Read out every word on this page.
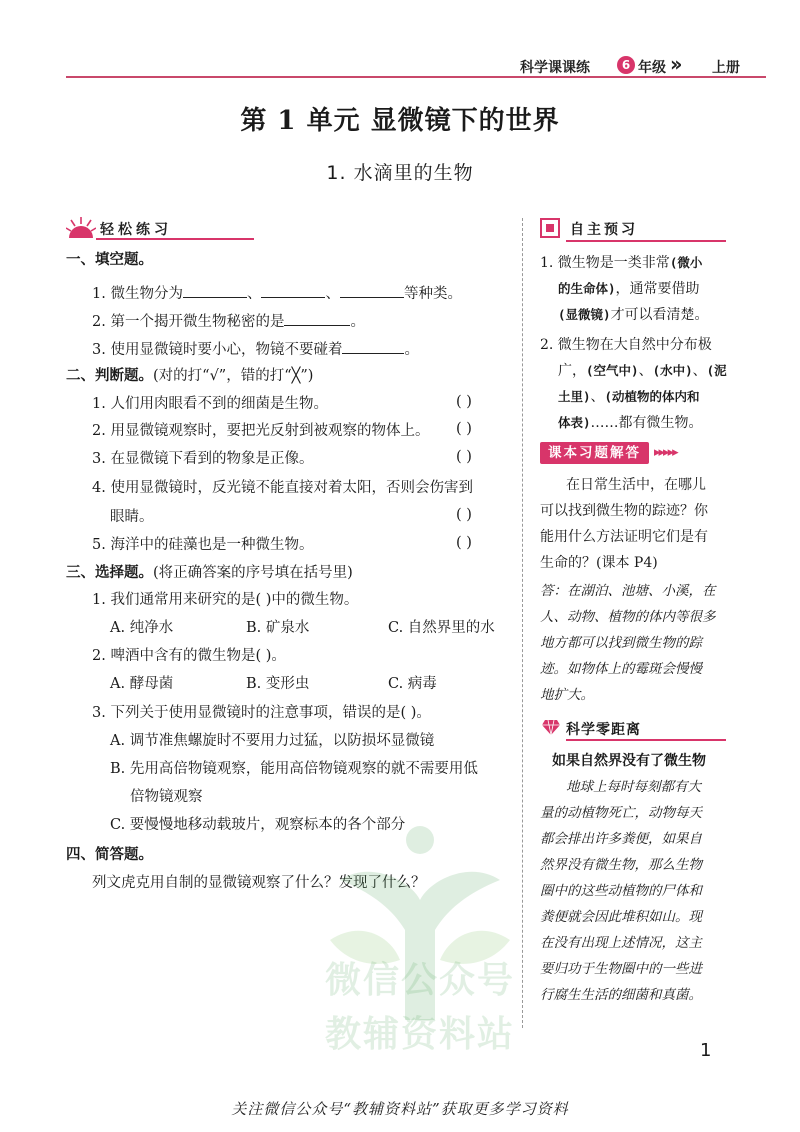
科学课课练	6 年级 ›› 上册
第 1 单元 显微镜下的世界
1. 水滴里的生物
轻松练习
一、填空题。
1. 微生物分为	、	、	等种类。
2. 第一个揭开微生物秘密的是	。
3. 使用显微镜时要小心，物镜不要碰着	。
二、判断题。(对的打“√”，错的打“╳”)
1. 人们用肉眼看不到的细菌是生物。	( )
2. 用显微镜观察时，要把光反射到被观察的物体上。 ( )
3. 在显微镜下看到的物象是正像。	( )
4. 使用显微镜时，反光镜不能直接对着太阳，否则会伤害到
眼睛。	( )
5. 海洋中的硅藻也是一种微生物。	( )
三、选择题。(将正确答案的序号填在括号里)
1. 我们通常用来研究的是( )中的微生物。
A. 纯净水	B. 矿泉水	C. 自然界里的水
2. 啤酒中含有的微生物是( )。
A. 酵母菌	B. 变形虫	C. 病毒
3. 下列关于使用显微镜时的注意事项，错误的是( )。
A. 调节准焦螺旋时不要用力过猛，以防损坏显微镜
B. 先用高倍物镜观察，能用高倍物镜观察的就不需要用低
倍物镜观察
C. 要慢慢地移动载玻片，观察标本的各个部分
四、简答题。
列文虎克用自制的显微镜观察了什么？发现了什么？
微信公众号
教辅资料站
自主预习
1. 微生物是一类非常(微小
的生命体)，通常要借助
(显微镜)才可以看清楚。
2. 微生物在大自然中分布极
广，(空气中)、(水中)、(泥
土里)、(动植物的体内和
体表)……都有微生物。
课本习题解答	▸▸▸▸▸
在日常生活中，在哪儿
可以找到微生物的踪迹？你
能用什么方法证明它们是有
生命的？(课本 P4)
答：在湖泊、池塘、小溪，在
人、动物、植物的体内等很多
地方都可以找到微生物的踪
迹。如物体上的霉斑会慢慢
地扩大。
科学零距离
如果自然界没有了微生物
地球上每时每刻都有大
量的动植物死亡，动物每天
都会排出许多粪便，如果自
然界没有微生物，那么生物
圈中的这些动植物的尸体和
粪便就会因此堆积如山。现
在没有出现上述情况，这主
要归功于生物圈中的一些进
行腐生生活的细菌和真菌。
1
关注微信公众号“教辅资料站”获取更多学习资料
